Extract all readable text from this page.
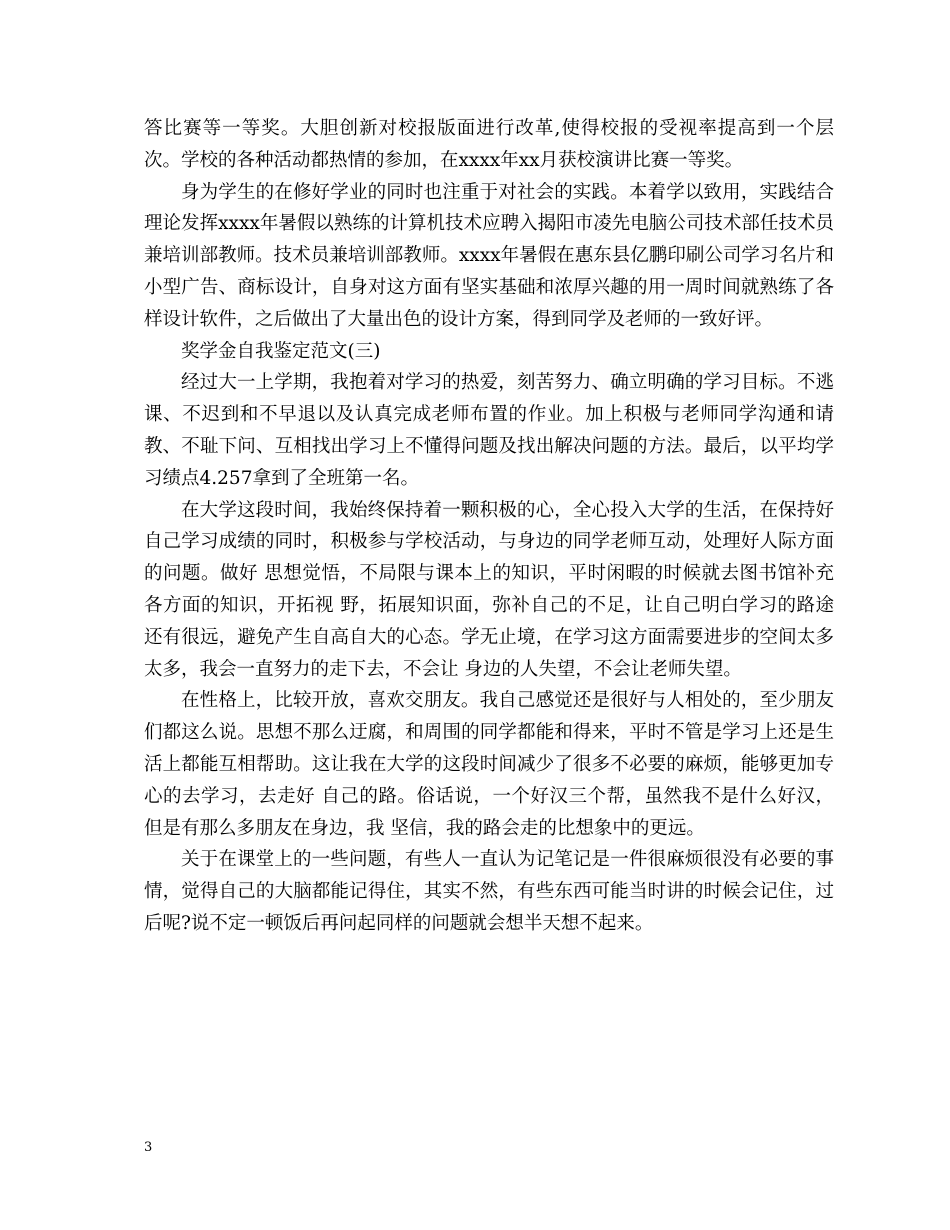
答比赛等一等奖。大胆创新对校报版面进行改革,使得校报的受视率提高到一个层次。学校的各种活动都热情的参加，在xxxx年xx月获校演讲比赛一等奖。

身为学生的在修好学业的同时也注重于对社会的实践。本着学以致用，实践结合理论发挥xxxx年暑假以熟练的计算机技术应聘入揭阳市凌先电脑公司技术部任技术员兼培训部教师。技术员兼培训部教师。xxxx年暑假在惠东县亿鹏印刷公司学习名片和小型广告、商标设计，自身对这方面有坚实基础和浓厚兴趣的用一周时间就熟练了各样设计软件，之后做出了大量出色的设计方案，得到同学及老师的一致好评。

奖学金自我鉴定范文(三)

经过大一上学期，我抱着对学习的热爱，刻苦努力、确立明确的学习目标。不逃课、不迟到和不早退以及认真完成老师布置的作业。加上积极与老师同学沟通和请教、不耻下问、互相找出学习上不懂得问题及找出解决问题的方法。最后，以平均学习绩点4.257拿到了全班第一名。

在大学这段时间，我始终保持着一颗积极的心，全心投入大学的生活，在保持好自己学习成绩的同时，积极参与学校活动，与身边的同学老师互动，处理好人际方面的问题。做好 思想觉悟，不局限与课本上的知识，平时闲暇的时候就去图书馆补充各方面的知识，开拓视 野，拓展知识面，弥补自己的不足，让自己明白学习的路途还有很远，避免产生自高自大的心态。学无止境，在学习这方面需要进步的空间太多太多，我会一直努力的走下去，不会让 身边的人失望，不会让老师失望。

在性格上，比较开放，喜欢交朋友。我自己感觉还是很好与人相处的，至少朋友们都这么说。思想不那么迂腐，和周围的同学都能和得来，平时不管是学习上还是生活上都能互相帮助。这让我在大学的这段时间减少了很多不必要的麻烦，能够更加专心的去学习，去走好 自己的路。俗话说，一个好汉三个帮，虽然我不是什么好汉，但是有那么多朋友在身边，我 坚信，我的路会走的比想象中的更远。

关于在课堂上的一些问题，有些人一直认为记笔记是一件很麻烦很没有必要的事情，觉得自己的大脑都能记得住，其实不然，有些东西可能当时讲的时候会记住，过后呢?说不定一顿饭后再问起同样的问题就会想半天想不起来。

3
